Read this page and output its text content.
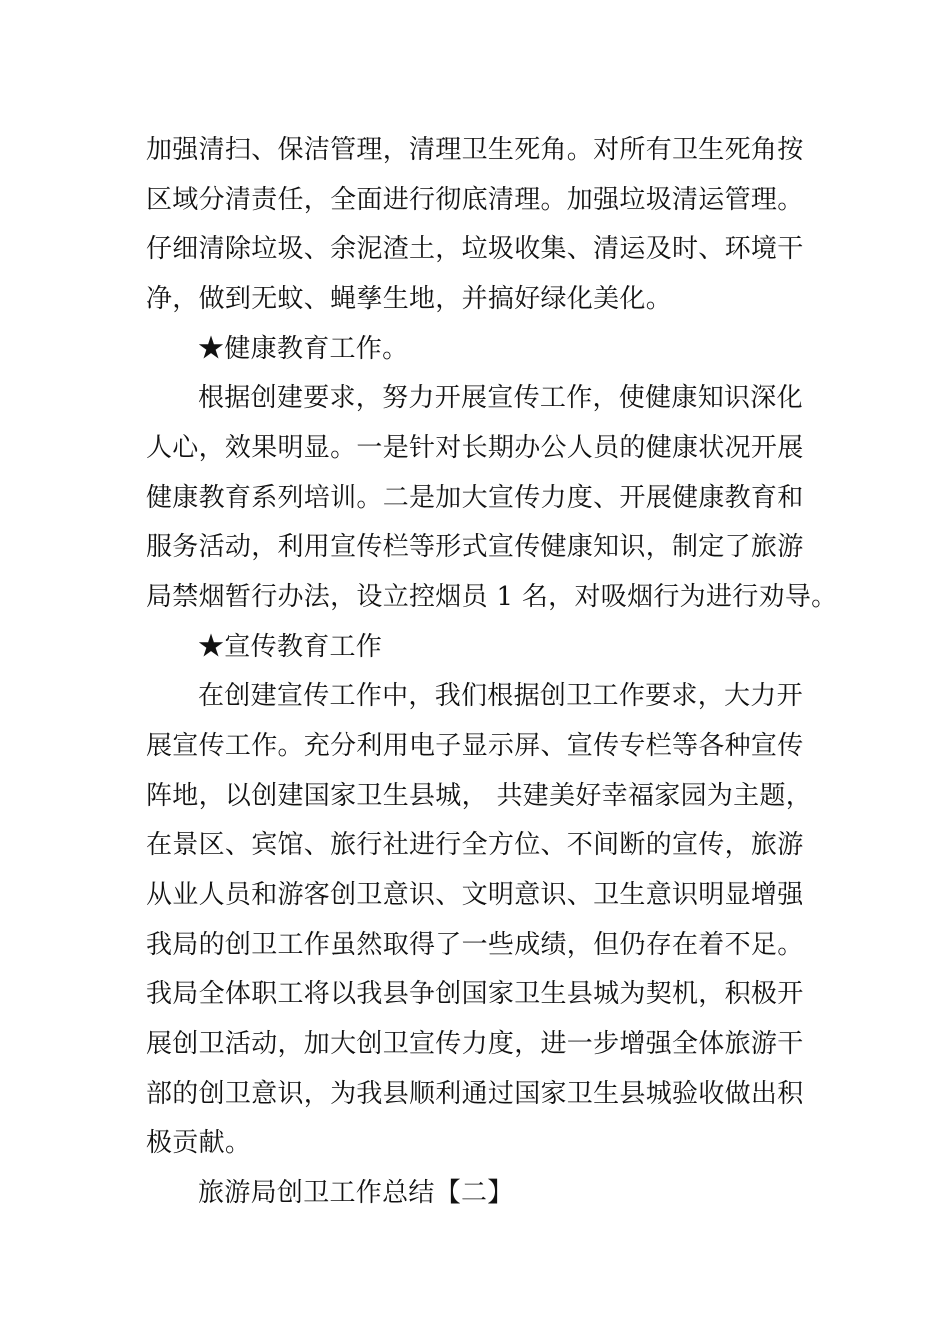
加强清扫、保洁管理，清理卫生死角。对所有卫生死角按
区域分清责任，全面进行彻底清理。加强垃圾清运管理。
仔细清除垃圾、余泥渣土，垃圾收集、清运及时、环境干
净，做到无蚊、蝇孳生地，并搞好绿化美化。
★健康教育工作。
根据创建要求，努力开展宣传工作，使健康知识深化
人心，效果明显。一是针对长期办公人员的健康状况开展
健康教育系列培训。二是加大宣传力度、开展健康教育和
服务活动，利用宣传栏等形式宣传健康知识，制定了旅游
局禁烟暂行办法，设立控烟员 1 名，对吸烟行为进行劝导。
★宣传教育工作
在创建宣传工作中，我们根据创卫工作要求，大力开
展宣传工作。充分利用电子显示屏、宣传专栏等各种宣传
阵地，以创建国家卫生县城， 共建美好幸福家园为主题，
在景区、宾馆、旅行社进行全方位、不间断的宣传，旅游
从业人员和游客创卫意识、文明意识、卫生意识明显增强
我局的创卫工作虽然取得了一些成绩，但仍存在着不足。
我局全体职工将以我县争创国家卫生县城为契机，积极开
展创卫活动，加大创卫宣传力度，进一步增强全体旅游干
部的创卫意识，为我县顺利通过国家卫生县城验收做出积
极贡献。
旅游局创卫工作总结【二】
